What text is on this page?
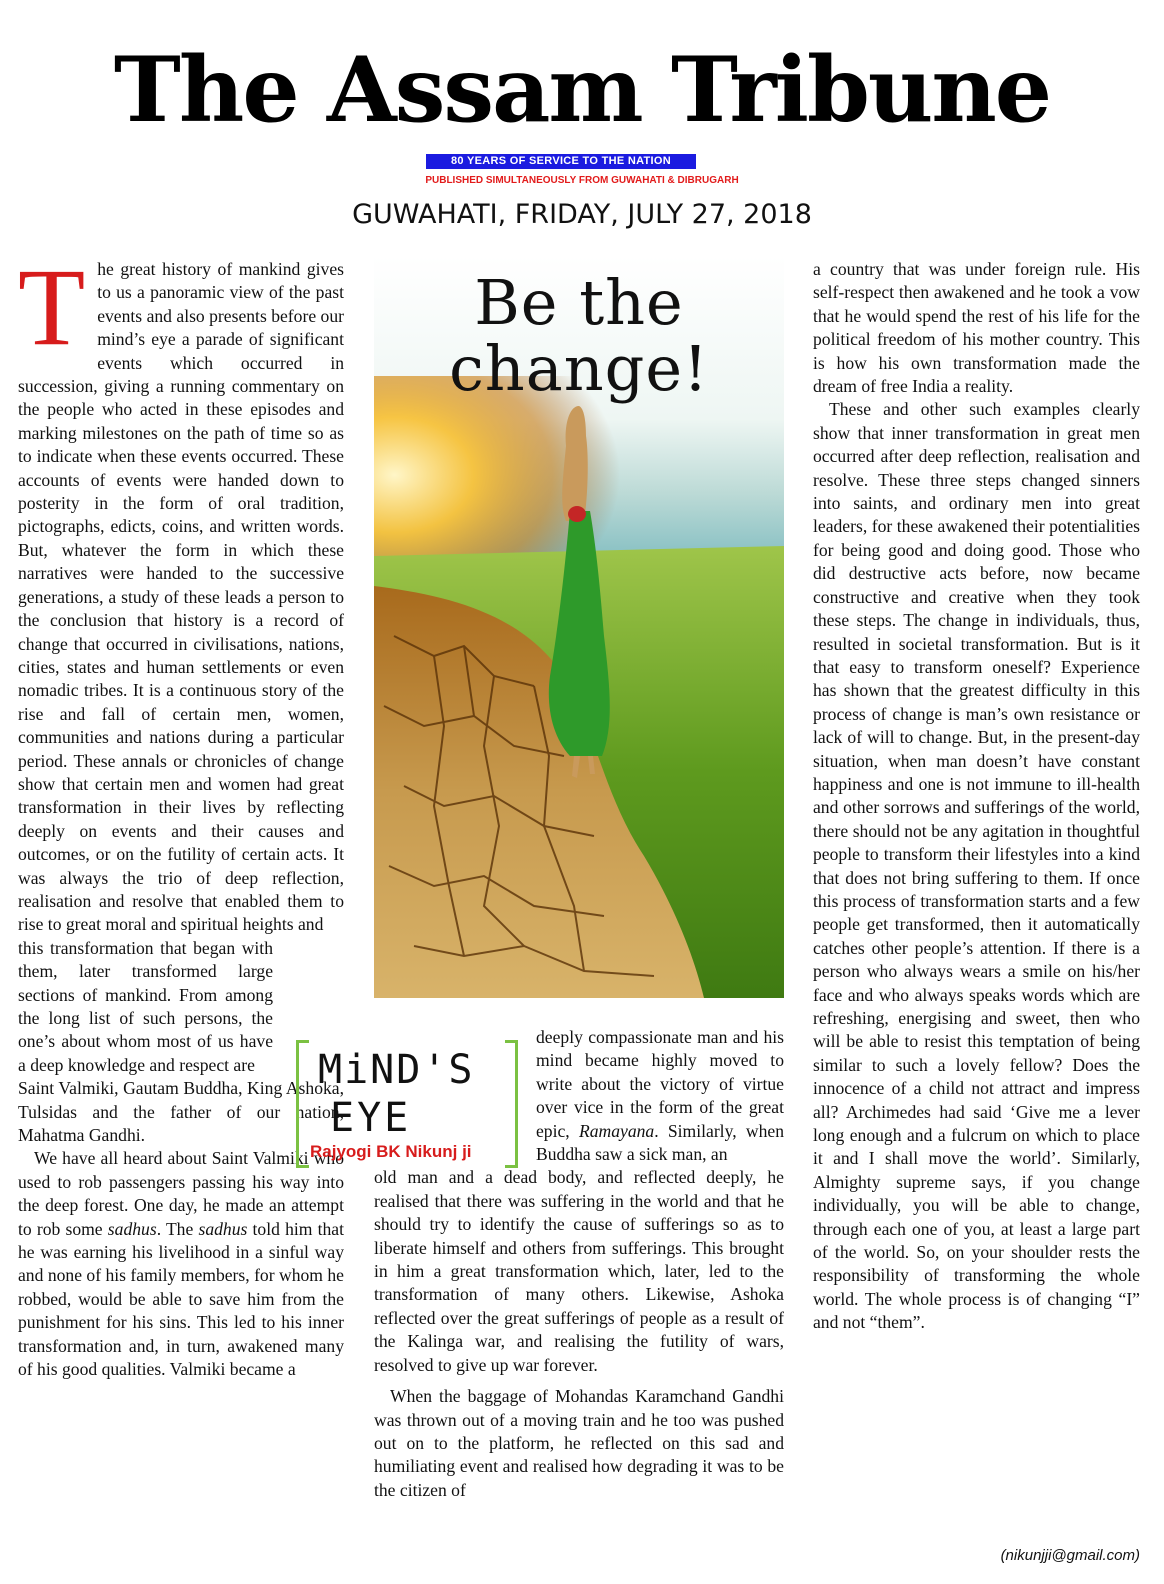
The Assam Tribune
80 YEARS OF SERVICE TO THE NATION
PUBLISHED SIMULTANEOUSLY FROM GUWAHATI & DIBRUGARH
GUWAHATI, FRIDAY, JULY 27, 2018
Be the
change!

The great history of mankind gives to us a panoramic view of the past events and also presents before our mind’s eye a parade of significant events which occurred in succession, giving a running commentary on the people who acted in these episodes and marking milestones on the path of time so as to indicate when these events occurred. These accounts of events were handed down to posterity in the form of oral tradition, pictographs, edicts, coins, and written words. But, whatever the form in which these narratives were handed to the successive generations, a study of these leads a person to the conclusion that history is a record of change that occurred in civilisations, nations, cities, states and human settlements or even nomadic tribes. It is a continuous story of the rise and fall of certain men, women, communities and nations during a particular period. These annals or chronicles of change show that certain men and women had great transformation in their lives by reflecting deeply on events and their causes and outcomes, or on the futility of certain acts. It was always the trio of deep reflection, realisation and resolve that enabled them to rise to great moral and spiritual heights and

this transformation that began with them, later transformed large sections of mankind. From among the long list of such persons, the one’s about whom most of us have a deep knowledge and respect are

Saint Valmiki, Gautam Buddha, King Ashoka, Tulsidas and the father of our nation, Mahatma Gandhi.

We have all heard about Saint Valmiki who used to rob passengers passing his way into the deep forest. One day, he made an attempt to rob some sadhus. The sadhus told him that he was earning his livelihood in a sinful way and none of his family members, for whom he robbed, would be able to save him from the punishment for his sins. This led to his inner transformation and, in turn, awakened many of his good qualities. Valmiki became a

MiND'S
EYE
Rajyogi BK Nikunj ji

deeply compassionate man and his mind became highly moved to write about the victory of virtue over vice in the form of the great epic, Ramayana. Similarly, when Buddha saw a sick man, an

old man and a dead body, and reflected deeply, he realised that there was suffering in the world and that he should try to identify the cause of sufferings so as to liberate himself and others from sufferings. This brought in him a great transformation which, later, led to the transformation of many others. Likewise, Ashoka reflected over the great sufferings of people as a result of the Kalinga war, and realising the futility of wars, resolved to give up war forever.

When the baggage of Mohandas Karamchand Gandhi was thrown out of a moving train and he too was pushed out on to the platform, he reflected on this sad and humiliating event and realised how degrading it was to be the citizen of

a country that was under foreign rule. His self-respect then awakened and he took a vow that he would spend the rest of his life for the political freedom of his mother country. This is how his own transformation made the dream of free India a reality.

These and other such examples clearly show that inner transformation in great men occurred after deep reflection, realisation and resolve. These three steps changed sinners into saints, and ordinary men into great leaders, for these awakened their potentialities for being good and doing good. Those who did destructive acts before, now became constructive and creative when they took these steps. The change in individuals, thus, resulted in societal transformation. But is it that easy to transform oneself? Experience has shown that the greatest difficulty in this process of change is man’s own resistance or lack of will to change. But, in the present-day situation, when man doesn’t have constant happiness and one is not immune to ill-health and other sorrows and sufferings of the world, there should not be any agitation in thoughtful people to transform their lifestyles into a kind that does not bring suffering to them. If once this process of transformation starts and a few people get transformed, then it automatically catches other people’s attention. If there is a person who always wears a smile on his/her face and who always speaks words which are refreshing, energising and sweet, then who will be able to resist this temptation of being similar to such a lovely fellow? Does the innocence of a child not attract and impress all? Archimedes had said ‘Give me a lever long enough and a fulcrum on which to place it and I shall move the world’. Similarly, Almighty supreme says, if you change individually, you will be able to change, through each one of you, at least a large part of the world. So, on your shoulder rests the responsibility of transforming the whole world. The whole process is of changing “I” and not “them”.

(nikunjji@gmail.com)
